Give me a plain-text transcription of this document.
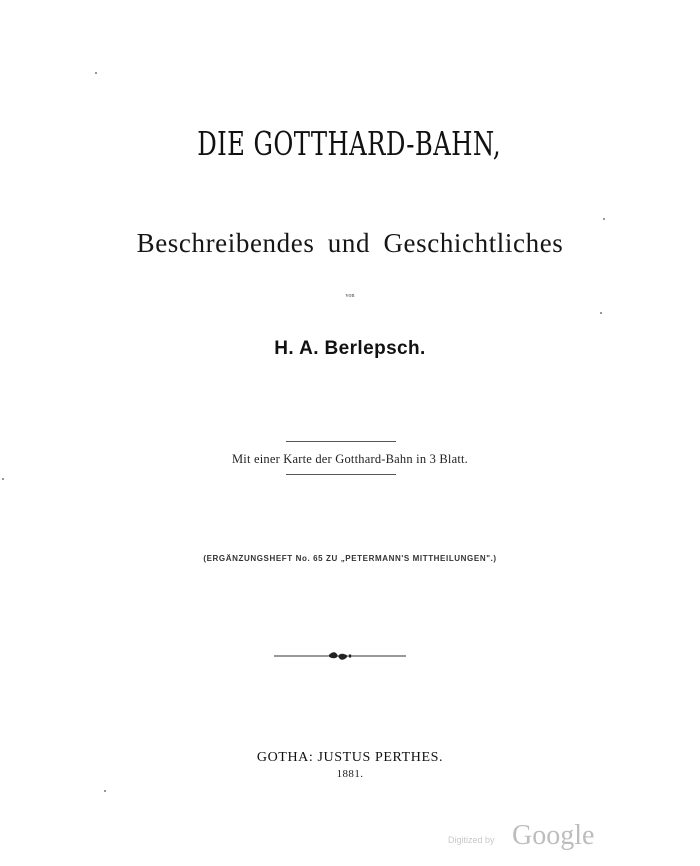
DIE GOTTHARD-BAHN,
Beschreibendes und Geschichtliches
von
H. A. Berlepsch.
Mit einer Karte der Gotthard-Bahn in 3 Blatt.
(ERGÄNZUNGSHEFT No. 65 ZU „PETERMANN'S MITTHEILUNGEN".)
GOTHA: JUSTUS PERTHES.
1881.
Digitized by Google
